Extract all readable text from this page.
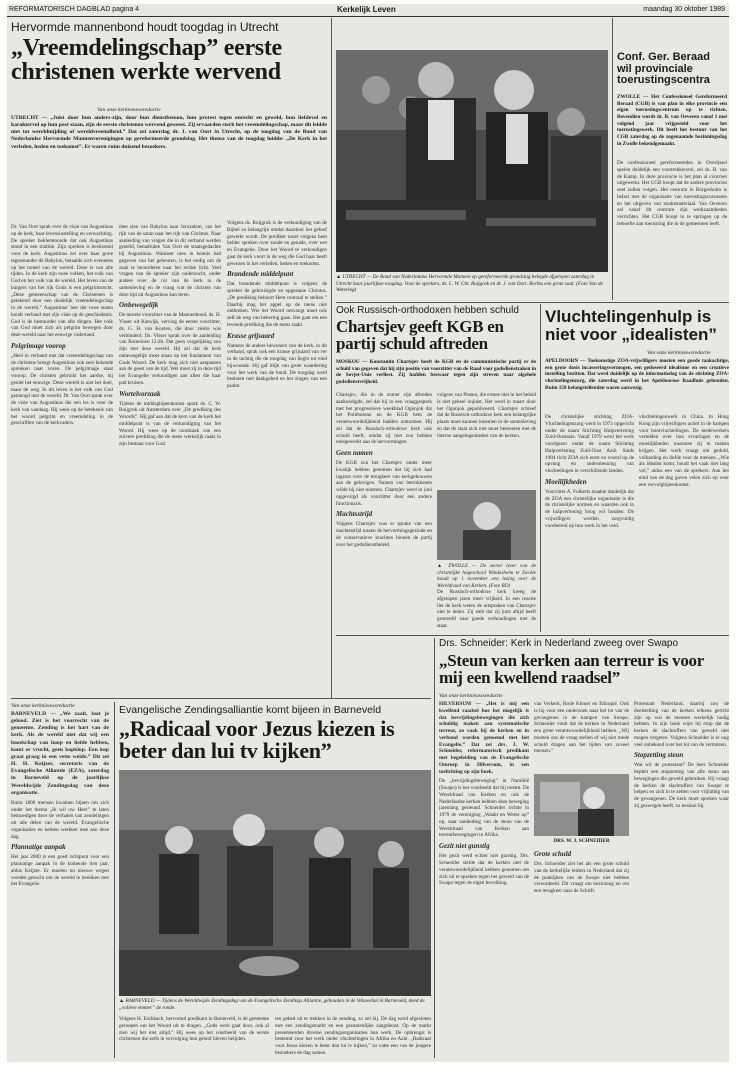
REFORMATORISCH DAGBLAD pagina 4	Kerkelijk Leven	maandag 30 oktober 1989
Hervormde mannenbond houdt toogdag in Utrecht
„Vreemdelingschap” eerste christenen werkte wervend
Van onze kerknieuwsredactie
UTRECHT — „Juist door hun anders-zijn, door hun dienstbetoon, hun protest tegen onrecht en geweld, hun liefdevol en karaktervol op hun post staan, zijn de eerste christenen wervend geweest. Zij ervaarden sterk het vreemdelingschap, maar dit leidde niet tot wereldmijding of wereldvreemdheid.” Dat zei zaterdag dr. J. van Oort in Utrecht, op de toogdag van de Bond van Nederlandse Hervormde Mannenverenigingen op gereformeerde grondslag. Het thema van de toogdag luidde: „De Kerk in het verleden, heden en toekomst”. Er waren ruim duizend bezoekers.
Dr. Van Oort sprak over de visie van Augustinus op de kerk, haar levensinstelling en verwachting. De spreker beklemtoonde dat ook Augustinus stond in een traditie. Zijn spreken is beslissend voor de kerk. Augustinus zei over haar grote tegenstander de Babylon, betaalde zich eveneens op het toneel van de wereld. Deze is van alle tijden. In de kerk zijn twee volken, het volk van God en het volk van de wereld. Het leven van de burgers van het rijk Gods is een pelgrimstocht. „Deze gemeenschap van de Christenen is getekend door een duidelijk vreemdelingschap in de wereld.” Augustinus' leer der twee staten houdt verband met zijn visie op de geschiedenis. God is de bestuurder van alle dingen. Het volk van God moet zich als pelgrim bewegen door deze wereld naar het eeuwige vaderland.
Pelgrimage voorop
„Heel in verband met dat vreemdelingschap van de christene brengt Augustinus ook zeer bekende spreuken naar voren. De pelgrimage staat voorop. De christen gebruikt het aardse, hij geniet het eeuwige. Deze wereld is niet het doel, maar de weg. In dit leven is het volk van God gemengd met de wereld. Dr. Van Oort sprak over de visie van Augustinus die een les is voor de kerk van vandaag. Hij wees op de betekenis van het woord pelgrim en vreemdeling in de geschriften van de kerkvaders.
mee zien van Babylon naar Jeruzalem, van het rijk van de satan naar het rijk van Christus. Naar aanleiding van vragen die in dit verband werden gesteld, benadrukte Van Oort de staatsgedachte bij Augustinus. Wanneer men in kennis had gegeven van het gebeuren, is het nodig om de zaak te beoordelen naar het rechte licht. Veel vragen van de spreker zijn onderzocht, onder andere over de rol van de kerk in de samenleving en de vraag wat de christen van deze tijd uit Augustinus kan leren.
Onbewegelijk
De morele voorzitter van de Mannenbond, ds. H. Visser uit Katwijk, verving de eerste voorzitter, ds. G. H. van Kooten, die door ziekte was verhinderd. Ds. Visser sprak over de aanleiding van Romeinen 12:2b. Dat geen vergelijking zou zijn met deze wereld. Hij zei dat de kerk onbewegelijk moet staan op het fundament van Gods Woord. De kerk mag zich niet aanpassen aan de geest van de tijd. Wel moet zij in deze tijd het Evangelie verkondigen aan allen die haar pad kruisen.
Wortelvorzaak
Tijdens de middagbijeenkomst sprak ds. C. W. Ruijgrok uit Amsterdam over „De prediking des Woords”. Hij gaf aan dat de kern van de kerk het middelpunt is van de verkondiging van het Woord. Hij wees op de noodzaak van een zuivere prediking die de mens werkelijk raakt in zijn bestaan voor God.
Volgens ds. Ruijgrok is de verkondiging van de Bijbel zo belangrijk omdat daardoor het geloof gewerkt wordt. De prediker moet volgens hem helder spreken over zonde en genade, over wet en Evangelie. Door het Woord te verkondigen gaat de kerk voort in de weg die God haar heeft gewezen in het verleden, heden en toekomst.
Brandende middelpunt
Dat brandende middelpunt is volgens de spreker de gekruisigde en opgestane Christus. „De prediking behoort Hem centraal te stellen.” Daarbij mag het appel op de mens niet ontbreken. Wie het Woord ontvangt moet ook zelf de weg van bekering gaan. Het gaat om een levende prediking die de mens raakt.
Krasse grijsaard
Namens de andere bewoners van de kerk, in dit verband, sprak ook een krasse grijsaard van ver in de tachtig die de toogdag van begin tot eind bijwoonde. Hij gaf blijk van grote waardering voor het werk van de bond. De toogdag werd besloten met dankgebed en het zingen van een psalm.
▲ UTRECHT — De Bond van Nederlandse Hervormde Mannen op gereformeerde grondslag belegde afgelopen zaterdag in Utrecht haar jaarlijkse toogdag. Voor de sprekers, ds. L. W. Chr. Ruijgrok en dr. J. van Oort. Rechts een grote zaal. (Foto Van de Wetering)
Conf. Ger. Beraad wil provinciale toerustingscentra
ZWOLLE — Het Confessioneel Gereformeerd Beraad (CGB) is van plan in elke provincie een eigen toerustingscentrum op te richten. Bovendien wordt dr. B. van Oeveren vanaf 1 mei volgend jaar vrijgesteld voor het toerustingswerk. Dit heeft het bestuur van het CGB zaterdag op de zogenaamde bezinningsdag in Zwolle bekendgemaakt.
De confessioneel gereformeerden in Overijssel spelen duidelijk een voortrekkersrol, zei ds. B. van de Kamp. In deze provincie is het plan al concreet uitgewerkt. Het CGB hoopt dat de andere provincies snel zullen volgen. Het centrum in Borgesholm is belast met de organisatie van toerustingscursussen en het uitgeven van studiemateriaal. Van Oeveren zal vanaf dit centrum zijn werkzaamheden verrichten. Het CGB hoopt in te springen op de behoefte aan toerusting die in de gemeenten leeft.
Ook Russisch-orthodoxen hebben schuld
Chartsjev geeft KGB en partij schuld aftreden
MOSKOU — Konstantin Chartsjev heeft de KGB en de communistische partij er de schuld van gegeven dat hij zijn positie van voorzitter van de Raad voor godsdienstzaken in de Sovjet-Unie verliest. Zij hadden bezwaar tegen zijn streven naar algehele godsdienstvrijheid.
Chartsjev, die in de zomer zijn aftreden aankondigde, zei dat hij in een vraaggesprek met het progressieve weekblad Ogonjok dat het Politbureau en de KGB hem de verantwoordelijkheid hadden ontnomen. Hij zei dat de Russisch-orthodoxe kerk ook schuld heeft, omdat zij niet zou hebben meegewerkt aan de hervormingen.
Geen namen
De KGB zou het Chartsjev onder meer kwalijk hebben genomen dat hij zich had ingezet voor de terugkeer van kerkgebouwen aan de gelovigen. Namen van betrokkenen wilde hij niet noemen. Chartsjev werd in juni opgevolgd als voorzitter door een andere functionaris.
Machtsstrijd
Volgens Chartsjev was er sprake van een machtsstrijd tussen de hervormingsgezinde en de conservatieve krachten binnen de partij over het godsdienstbeleid.
volgens van Pinsen, die ermee niet in het beleid is niet geheel onjuist. Het werd in maart door het Ogonjok gepubliceerd. Chartsjev schreef dat de Russisch-orthodoxe kerk een belangrijke plaats moet kunnen innemen in de samenleving en dat de staat zich niet moet bemoeien met de interne aangelegenheden van de kerken.
▲ ZWOLLE — De sector lezer van de christelijke hogeschool Windesheim te Zwolle houdt op 1 november een lezing over de Wereldraad van Kerken. (Foto RD)
De Russisch-orthodoxe kerk kreeg de afgelopen jaren meer vrijheid. In een reactie liet de kerk weten de uitspraken van Chartsjev niet te delen. Zij stelt dat zij juist altijd heeft gestreefd naar goede verhoudingen met de staat.
Vluchtelingenhulp is niet voor „idealisten”
Van onze kerknieuwsredactie
APELDOORN — Toekomstige ZOA-vrijwilligers moeten een goede taakachtige, een grote dosis incasseringsvermogen, een gedoseerd idealisme en een creatieve instelling bezitten. Dat werd duidelijk op de informatiedag van de stichting ZOA-vluchtelingenzorg, die zaterdag werd in het Apeldoornse Raadhuis gehouden. Ruim 150 belangstellenden waren aanwezig.
De christelijke stichting ZOA-Vluchtelingenzorg werd in 1973 opgericht onder de naam Stichting Hulpverlening Zuid-Oostazie. Vanaf 1979 werd het werk voortgezet onder de naam Stichting Hulpverlening Zuid-Oost Azië. Sinds 1984 richt ZOA zich eerst en vooral op de opvang en ondersteuning van vluchtelingen in verschillende landen.
Moeilijkheden
Voorzitter A. Folkerts maakte duidelijk dat de ZOA een christelijke organisatie is die de christelijke normen en waarden ook in de hulpverlening hoog wil houden. De vrijwilligers worden zorgvuldig voorbereid op hun werk in het veld.
vluchtelingenwerk in China. In Hong Kong zijn vrijwilligers actief in de kampen voor bootvluchtelingen. De medewerkers vertelden over hun ervaringen en de moeilijkheden waarmee zij te maken krijgen. Het werk vraagt om geduld, volharding en liefde voor de mensen. „Wie als idealist komt, houdt het vaak niet lang vol,” aldus een van de sprekers. Aan het eind van de dag gaven velen zich op voor een vervolgbijeenkomst.
Drs. Schneider: Kerk in Nederland zweeg over Swapo
„Steun van kerken aan terreur is voor mij een kwellend raadsel”
Van onze kerknieuwsredactie
HILVERSUM — „Het is mij een kwellend raadsel hoe het mogelijk is dat bevrijdingsbewegingen die zich schuldig maken aan systematische terreur, zo vaak bij de kerken en in verband worden genoemd met het Evangelie.” Dat zei drs. J. W. Schneider, reformatorisch predikant met begeleiding van de Evangelische Omroep in Hilversum, in een toelichting op zijn boek.
De „bevrijdingsbeweging” in Namibië (Swapo) is het voorbeeld dat hij noemt. De Wereldraad van Kerken en ook de Nederlandse kerken hebben deze beweging jarenlang gesteund. Schneider richtte in 1979 de vereniging „Waakt en Weest op” op, naar aanleiding van de steun van de Wereldraad van Kerken aan terreurbewegingen in Afrika.
Gezit niet gunstig
Het gezit werd echter niet gunstig. Drs. Schneider stelde dat de kerken niet de verantwoordelijkheid hebben genomen om zich uit te spreken tegen het geweld van de Swapo tegen de eigen bevolking.
van Verkerk, Rode Khmer en Ethiopië. Ook is hij voor een onderzoek naar het lot van de gevangenen in de kampen van Swapo. Schneider vindt dat de kerken in Nederland een grote verantwoordelijkheid hebben. „Wij moeten ons de vraag stellen of wij niet mede schuld dragen aan het lijden van zoveel mensen.”
DRS. W. J. SCHNEIDER
Grote schuld
Drs. Schneider ziet het als een grote schuld van de kerkelijke leiders in Nederland dat zij de praktijken van de Swapo niet hebben veroordeeld. Dit vraagt om bezinning en om een terugkeer naar de Schrift.
Protestant Nederland, daarbij zou de doelstelling van de kerken telkens gericht zijn op wat de mensen werkelijk nodig hebben. In zijn boek wijst hij erop dat de kerken de slachtoffers van geweld niet mogen vergeten. Volgens Schneider is er nog veel onbekend over het lot van de vermisten.
Stopzetting steun
Wat wil de protestant? De heer Schneider bepleit een stopzetting van alle steun aan bewegingen die geweld gebruiken. Hij vraagt de kerken de slachtoffers van Swapo te helpen en zich in te zetten voor vrijlating van de gevangenen. De kerk moet spreken waar zij gezwegen heeft, zo besloot hij.
Van onze kerknieuwsredactie
BARNEVELD — „We zaait, laat je gelood. Ziet is het voorrecht van de gemeente. Zending is het hart van de kerk. Als de wereld niet dat wij een boodschap van hoop en liefde hebben, komt er vrucht, geen kopklop. Een kop graat graag in een vette weide.” Dit zei H. H. Keijzer, secretaris van de Evangelische Alliantie (EZA), zaterdag in Barneveld op de jaarlijkse Wereldwijde Zendingsdag van deze organisatie.
Ruim 1800 mensen kwamen bijeen om zich onder het thema „Ik wil uw Heer” te laten bemoedigen door de verhalen van zendelingen uit alle delen van de wereld. Evangelische organisaties en kerken werkten mee aan deze dag.
Plannatige aanpak
Het jaar 2000 is een goed richtpunt voor een plannatige aanpak in de komende tien jaar, aldus Keijzer. Er moeten nu nieuwe wegen worden gezocht om de wereld te bereiken met het Evangelie.
Evangelische Zendingsalliantie komt bijeen in Barneveld
„Radicaal voor Jezus kiezen is beter dan lui tv kijken”
▲ BARNEVELD — Tijdens de Wereldwijde Zendingsdag van de Evangelische Zendings Alliantie, gehouden in de Veluwehal in Barneveld, deed de „volieve emmer” de ronde.
Volgens H. Eschbach, hervormd predikant in Barneveld, is de gemeente geroepen om het Woord uit te dragen. „Gods werk gaat door, ook al zien wij het niet altijd.” Hij wees op het voorbeeld van de eerste christenen die zelfs in vervolging hun geloof bleven belijden.
ten gebed uit te trekken in de zending, zo zei hij. De dag werd afgesloten met een zendingsmarkt en een gezamenlijke zangdienst. Op de markt presenteerden diverse zendingsorganisaties hun werk. De opbrengst is bestemd voor het werk onder vluchtelingen in Afrika en Azië. „Radicaal voor Jezus kiezen is beter dan lui tv kijken,” zo vatte een van de jongere bezoekers de dag samen.
